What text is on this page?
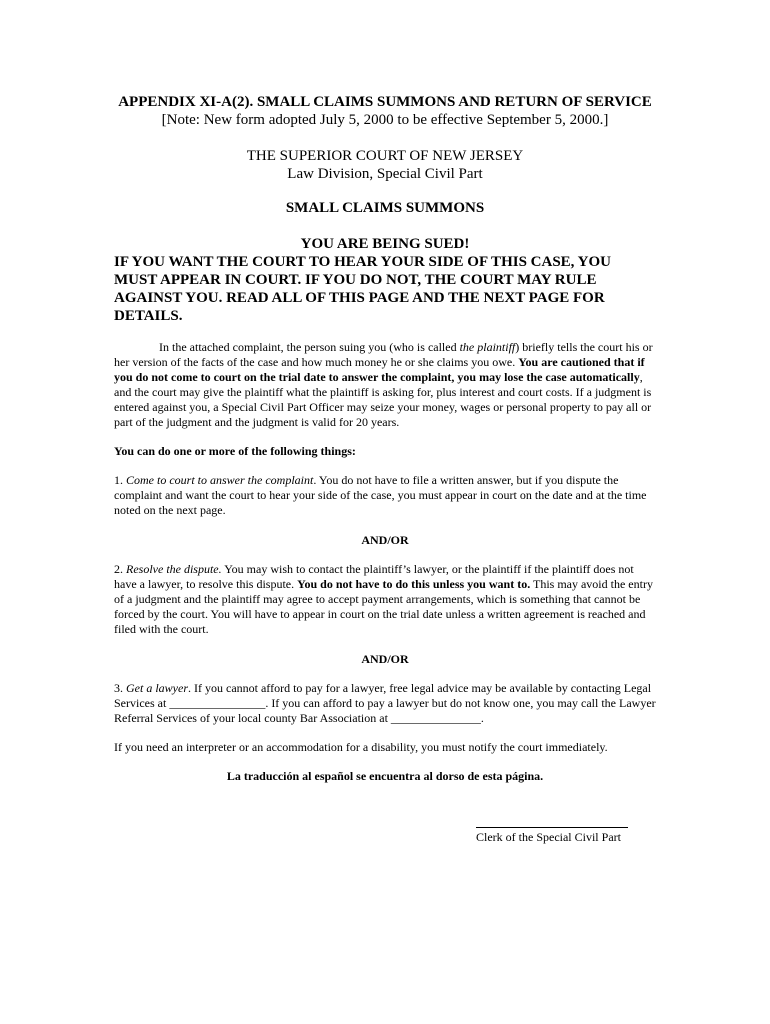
APPENDIX XI-A(2). SMALL CLAIMS SUMMONS AND RETURN OF SERVICE
[Note: New form adopted July 5, 2000 to be effective September 5, 2000.]
THE SUPERIOR COURT OF NEW JERSEY
Law Division, Special Civil Part
SMALL CLAIMS SUMMONS
YOU ARE BEING SUED!
IF YOU WANT THE COURT TO HEAR YOUR SIDE OF THIS CASE, YOU MUST APPEAR IN COURT. IF YOU DO NOT, THE COURT MAY RULE AGAINST YOU. READ ALL OF THIS PAGE AND THE NEXT PAGE FOR DETAILS.

In the attached complaint, the person suing you (who is called the plaintiff) briefly tells the court his or her version of the facts of the case and how much money he or she claims you owe. You are cautioned that if you do not come to court on the trial date to answer the complaint, you may lose the case automatically, and the court may give the plaintiff what the plaintiff is asking for, plus interest and court costs. If a judgment is entered against you, a Special Civil Part Officer may seize your money, wages or personal property to pay all or part of the judgment and the judgment is valid for 20 years.

You can do one or more of the following things:

1. Come to court to answer the complaint. You do not have to file a written answer, but if you dispute the complaint and want the court to hear your side of the case, you must appear in court on the date and at the time noted on the next page.

AND/OR

2. Resolve the dispute. You may wish to contact the plaintiff’s lawyer, or the plaintiff if the plaintiff does not have a lawyer, to resolve this dispute. You do not have to do this unless you want to. This may avoid the entry of a judgment and the plaintiff may agree to accept payment arrangements, which is something that cannot be forced by the court. You will have to appear in court on the trial date unless a written agreement is reached and filed with the court.

AND/OR

3. Get a lawyer. If you cannot afford to pay for a lawyer, free legal advice may be available by contacting Legal Services at ________________. If you can afford to pay a lawyer but do not know one, you may call the Lawyer Referral Services of your local county Bar Association at _______________.

If you need an interpreter or an accommodation for a disability, you must notify the court immediately.

La traducción al español se encuentra al dorso de esta página.
Clerk of the Special Civil Part
